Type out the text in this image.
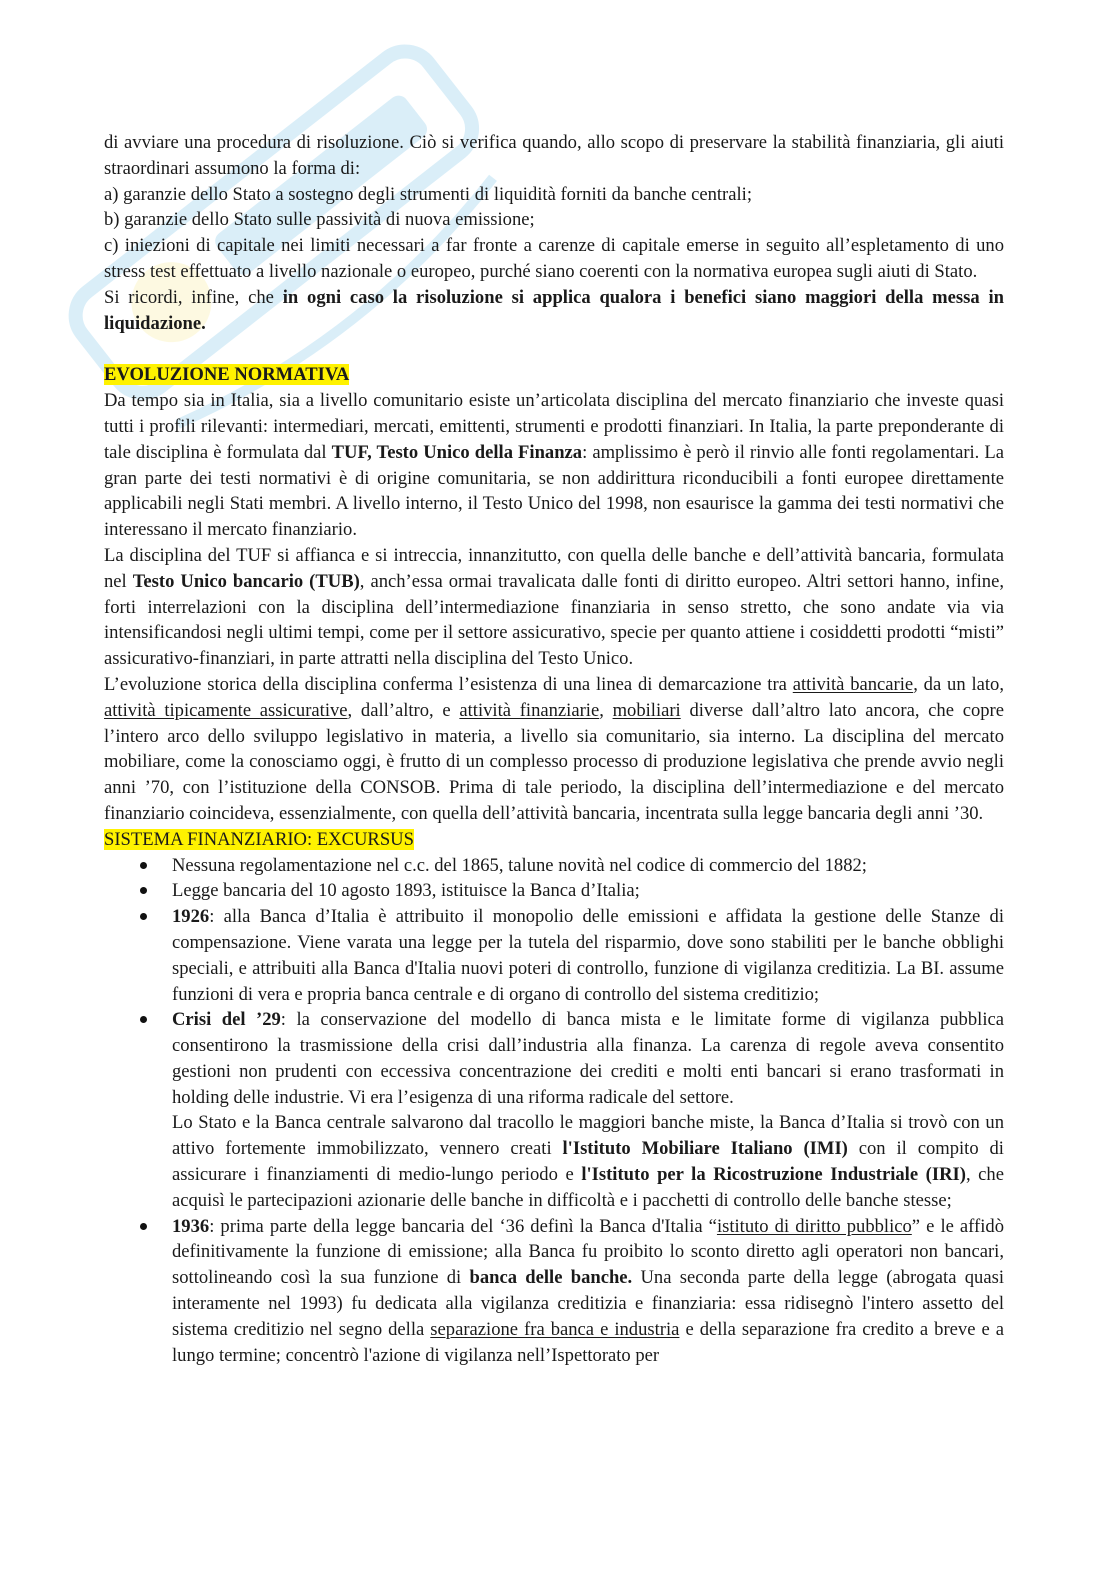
di avviare una procedura di risoluzione. Ciò si verifica quando, allo scopo di preservare la stabilità finanziaria, gli aiuti straordinari assumono la forma di:

a) garanzie dello Stato a sostegno degli strumenti di liquidità forniti da banche centrali;

b) garanzie dello Stato sulle passività di nuova emissione;

c) iniezioni di capitale nei limiti necessari a far fronte a carenze di capitale emerse in seguito all’espletamento di uno stress test effettuato a livello nazionale o europeo, purché siano coerenti con la normativa europea sugli aiuti di Stato.

Si ricordi, infine, che in ogni caso la risoluzione si applica qualora i benefici siano maggiori della messa in liquidazione.

EVOLUZIONE NORMATIVA

Da tempo sia in Italia, sia a livello comunitario esiste un’articolata disciplina del mercato finanziario che investe quasi tutti i profili rilevanti: intermediari, mercati, emittenti, strumenti e prodotti finanziari. In Italia, la parte preponderante di tale disciplina è formulata dal TUF, Testo Unico della Finanza: amplissimo è però il rinvio alle fonti regolamentari. La gran parte dei testi normativi è di origine comunitaria, se non addirittura riconducibili a fonti europee direttamente applicabili negli Stati membri. A livello interno, il Testo Unico del 1998, non esaurisce la gamma dei testi normativi che interessano il mercato finanziario.

La disciplina del TUF si affianca e si intreccia, innanzitutto, con quella delle banche e dell’attività bancaria, formulata nel Testo Unico bancario (TUB), anch’essa ormai travalicata dalle fonti di diritto europeo. Altri settori hanno, infine, forti interrelazioni con la disciplina dell’intermediazione finanziaria in senso stretto, che sono andate via via intensificandosi negli ultimi tempi, come per il settore assicurativo, specie per quanto attiene i cosiddetti prodotti “misti” assicurativo-finanziari, in parte attratti nella disciplina del Testo Unico.

L’evoluzione storica della disciplina conferma l’esistenza di una linea di demarcazione tra attività bancarie, da un lato, attività tipicamente assicurative, dall’altro, e attività finanziarie, mobiliari diverse dall’altro lato ancora, che copre l’intero arco dello sviluppo legislativo in materia, a livello sia comunitario, sia interno. La disciplina del mercato mobiliare, come la conosciamo oggi, è frutto di un complesso processo di produzione legislativa che prende avvio negli anni ’70, con l’istituzione della CONSOB. Prima di tale periodo, la disciplina dell’intermediazione e del mercato finanziario coincideva, essenzialmente, con quella dell’attività bancaria, incentrata sulla legge bancaria degli anni ’30.

SISTEMA FINANZIARIO: EXCURSUS

Nessuna regolamentazione nel c.c. del 1865, talune novità nel codice di commercio del 1882;

Legge bancaria del 10 agosto 1893, istituisce la Banca d’Italia;

1926: alla Banca d’Italia è attribuito il monopolio delle emissioni e affidata la gestione delle Stanze di compensazione. Viene varata una legge per la tutela del risparmio, dove sono stabiliti per le banche obblighi speciali, e attribuiti alla Banca d'Italia nuovi poteri di controllo, funzione di vigilanza creditizia. La BI. assume funzioni di vera e propria banca centrale e di organo di controllo del sistema creditizio;

Crisi del ’29: la conservazione del modello di banca mista e le limitate forme di vigilanza pubblica consentirono la trasmissione della crisi dall’industria alla finanza. La carenza di regole aveva consentito gestioni non prudenti con eccessiva concentrazione dei crediti e molti enti bancari si erano trasformati in holding delle industrie. Vi era l’esigenza di una riforma radicale del settore.

Lo Stato e la Banca centrale salvarono dal tracollo le maggiori banche miste, la Banca d’Italia si trovò con un attivo fortemente immobilizzato, vennero creati l'Istituto Mobiliare Italiano (IMI) con il compito di assicurare i finanziamenti di medio-lungo periodo e l'Istituto per la Ricostruzione Industriale (IRI), che acquisì le partecipazioni azionarie delle banche in difficoltà e i pacchetti di controllo delle banche stesse;

1936: prima parte della legge bancaria del ‘36 definì la Banca d'Italia “istituto di diritto pubblico” e le affidò definitivamente la funzione di emissione; alla Banca fu proibito lo sconto diretto agli operatori non bancari, sottolineando così la sua funzione di banca delle banche. Una seconda parte della legge (abrogata quasi interamente nel 1993) fu dedicata alla vigilanza creditizia e finanziaria: essa ridisegnò l'intero assetto del sistema creditizio nel segno della separazione fra banca e industria e della separazione fra credito a breve e a lungo termine; concentrò l'azione di vigilanza nell’Ispettorato per
